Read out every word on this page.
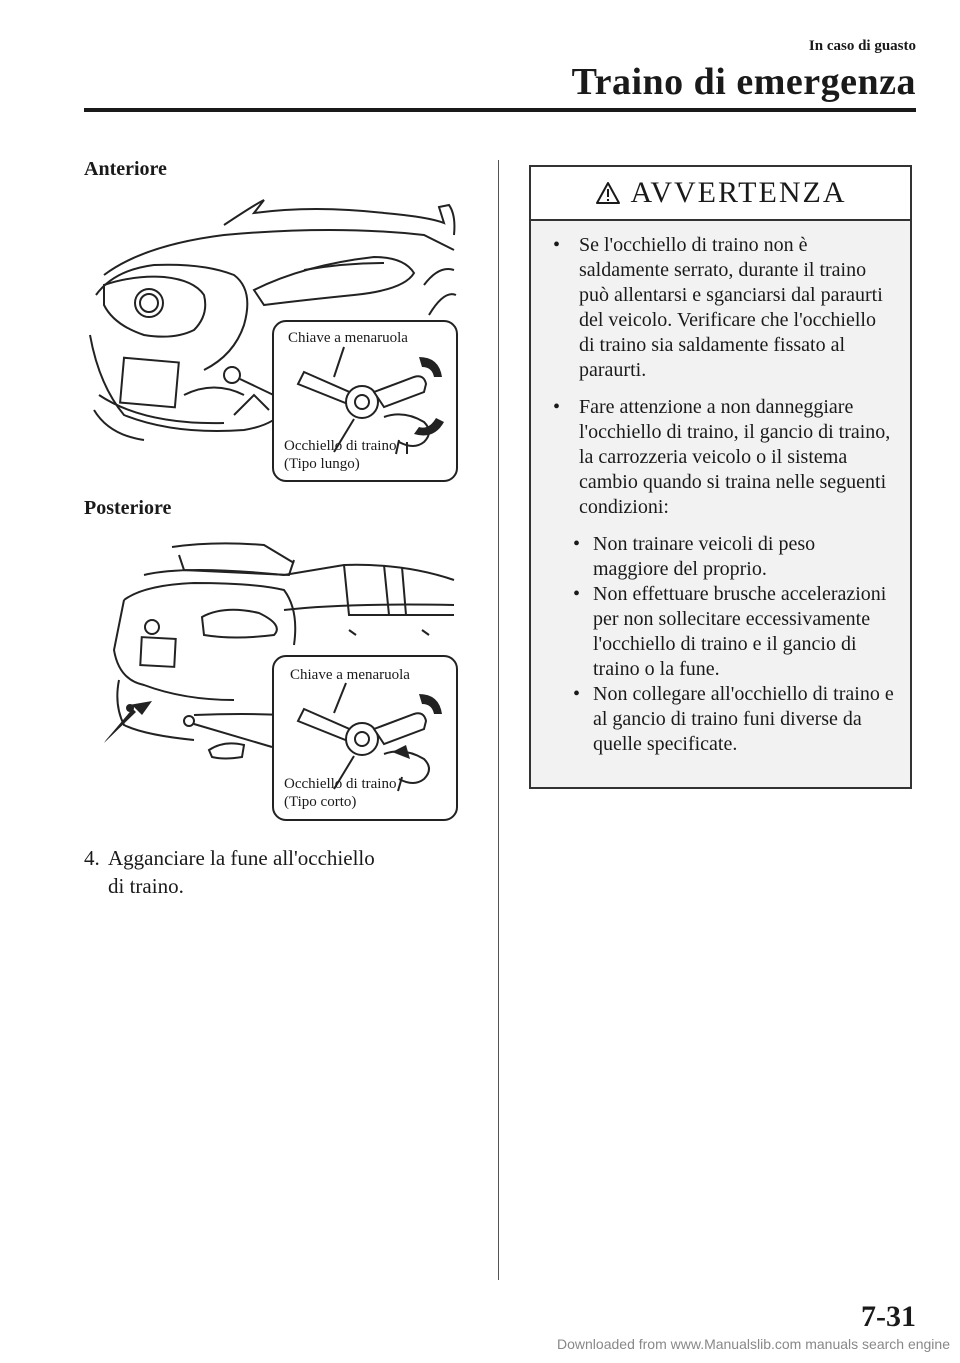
In caso di guasto
Traino di emergenza
Anteriore
Chiave a menaruola
Occhiello di traino
(Tipo lungo)
Posteriore
Chiave a menaruola
Occhiello di traino
(Tipo corto)
4. Agganciare la fune all'occhiello
di traino.
AVVERTENZA
• Se l'occhiello di traino non è saldamente serrato, durante il traino può allentarsi e sganciarsi dal paraurti del veicolo. Verificare che l'occhiello di traino sia saldamente fissato al paraurti.
• Fare attenzione a non danneggiare l'occhiello di traino, il gancio di traino, la carrozzeria veicolo o il sistema cambio quando si traina nelle seguenti condizioni:
• Non trainare veicoli di peso maggiore del proprio.
• Non effettuare brusche accelerazioni per non sollecitare eccessivamente l'occhiello di traino e il gancio di traino o la fune.
• Non collegare all'occhiello di traino e al gancio di traino funi diverse da quelle specificate.
7-31
Downloaded from www.Manualslib.com manuals search engine
